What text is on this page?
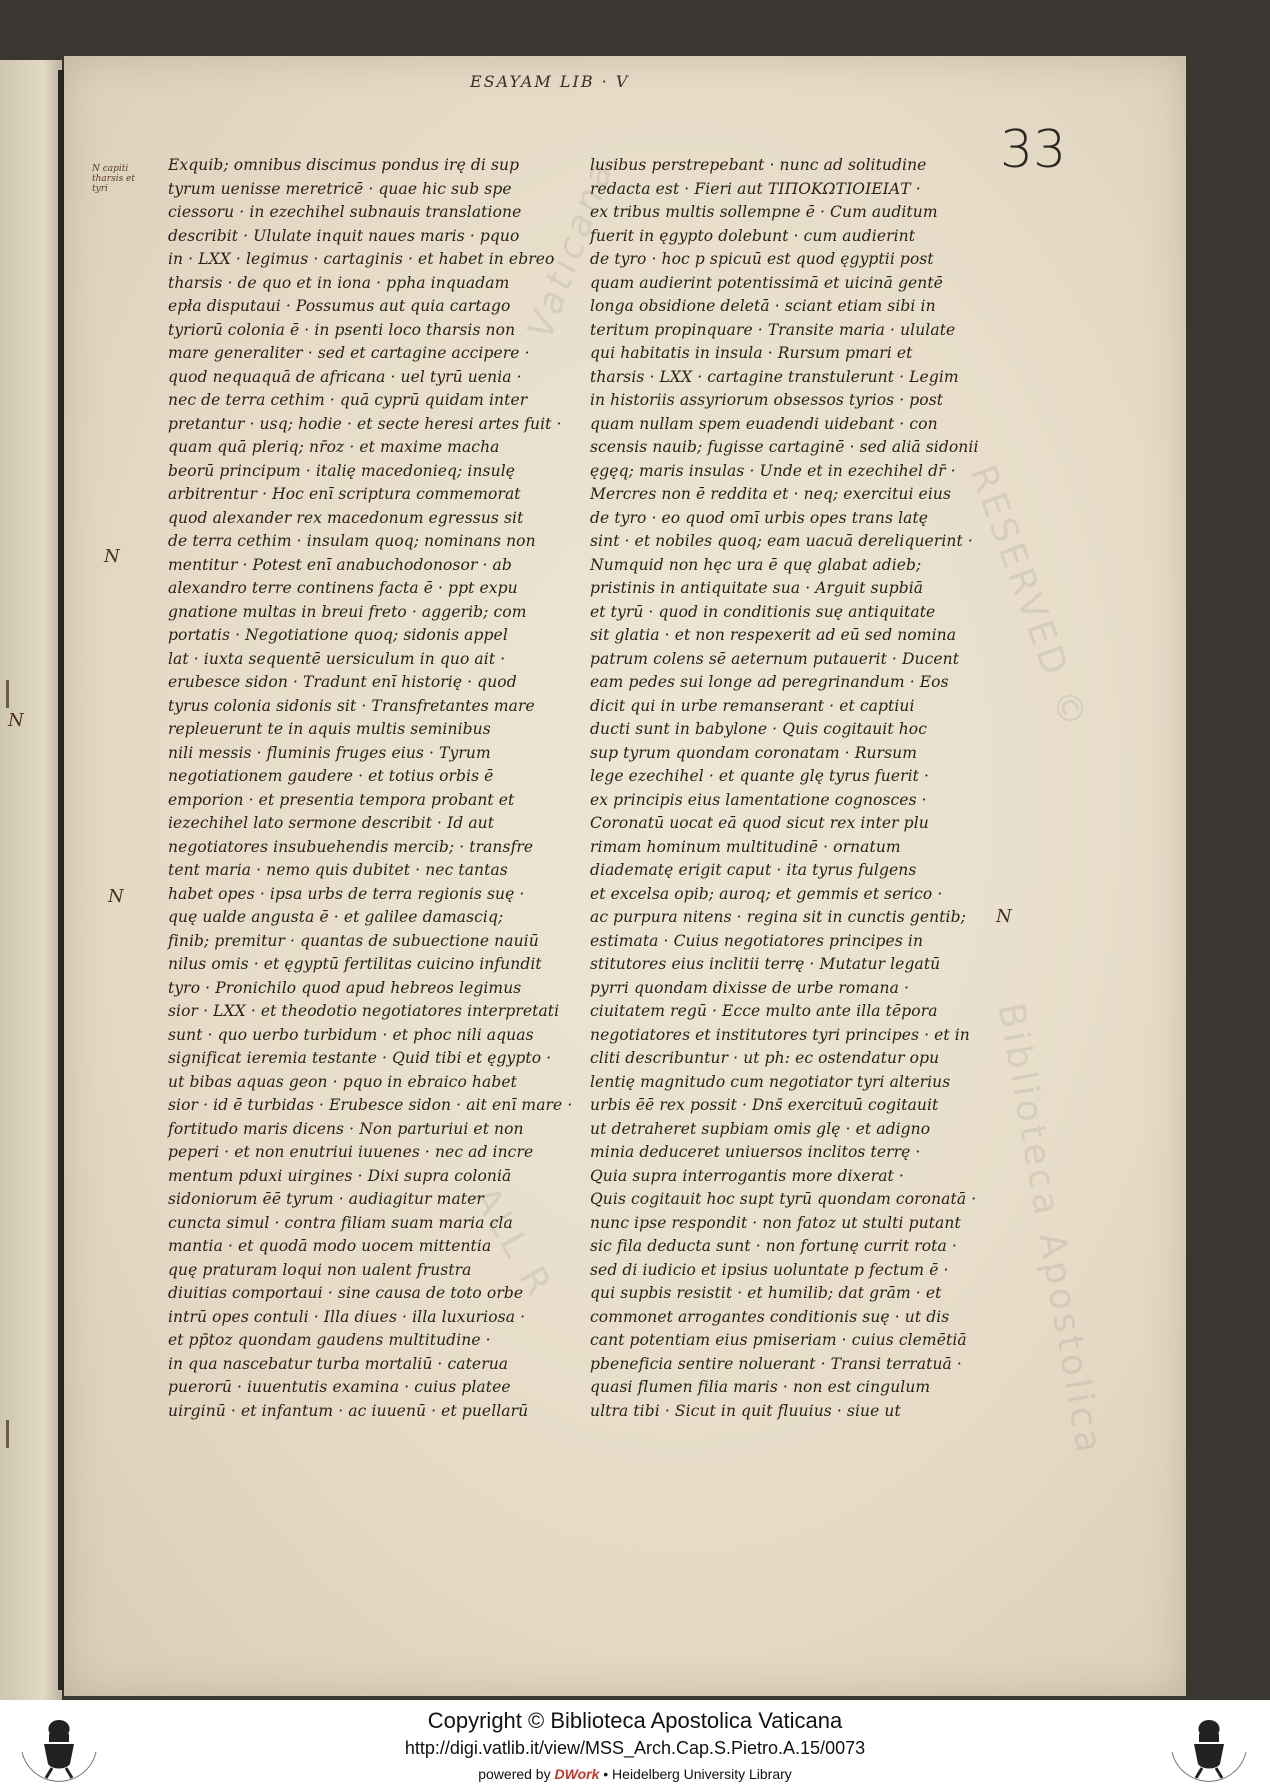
ESAYAM LIB · V
33
N capiti tharsis et tyri
N
N
N
N
Biblioteca Apostolica
RESERVED ©
Vaticana
ALL R
Exquib; omnibus discimus pondus irę di sup
tyrum uenisse meretricē · quae hic sub spe
ciessoru · in ezechihel subnauis translatione
describit · Ululate inquit naues maris · pquo
in · LXX · legimus · cartaginis · et habet in ebreo
tharsis · de quo et in iona · ppha inquadam
epła disputaui · Possumus aut quia cartago
tyriorū colonia ē · in psenti loco tharsis non
mare generaliter · sed et cartagine accipere ·
quod nequaquā de africana · uel tyrū uenia ·
nec de terra cethim · quā cyprū quidam inter
pretantur · usq; hodie · et secte heresi artes fuit ·
quam quā pleriq; nr̄oz · et maxime macha
beorū principum · italię macedonieq; insulę
arbitrentur · Hoc enī scriptura commemorat
quod alexander rex macedonum egressus sit
de terra cethim · insulam quoq; nominans non
mentitur · Potest enī anabuchodonosor · ab
alexandro terre continens facta ē · ppt expu
gnatione multas in breui freto · aggerib; com
portatis · Negotiatione quoq; sidonis appel
lat · iuxta sequentē uersiculum in quo ait ·
erubesce sidon · Tradunt enī historię · quod
tyrus colonia sidonis sit · Transfretantes mare
repleuerunt te in aquis multis seminibus
nili messis · fluminis fruges eius · Tyrum
negotiationem gaudere · et totius orbis ē
emporion · et presentia tempora probant et
iezechihel lato sermone describit · Id aut
negotiatores insubuehendis mercib; · transfre
tent maria · nemo quis dubitet · nec tantas
habet opes · ipsa urbs de terra regionis suę ·
quę ualde angusta ē · et galilee damasciq;
finib; premitur · quantas de subuectione nauiū
nilus omis · et ęgyptū fertilitas cuicino infundit
tyro · Pronichilo quod apud hebreos legimus
sior · LXX · et theodotio negotiatores interpretati
sunt · quo uerbo turbidum · et phoc nili aquas
significat ieremia testante · Quid tibi et ęgypto ·
ut bibas aquas geon · pquo in ebraico habet
sior · id ē turbidas · Erubesce sidon · ait enī mare ·
fortitudo maris dicens · Non parturiui et non
peperi · et non enutriui iuuenes · nec ad incre
mentum pduxi uirgines · Dixi supra coloniā
sidoniorum ēē tyrum · audiagitur mater
cuncta simul · contra filiam suam maria cla
mantia · et quodā modo uocem mittentia
quę praturam loqui non ualent frustra
diuitias comportaui · sine causa de toto orbe
intrū opes contuli · Illa diues · illa luxuriosa ·
et pp̄toz quondam gaudens multitudine ·
in qua nascebatur turba mortaliū · caterua
puerorū · iuuentutis examina · cuius platee
uirginū · et infantum · ac iuuenū · et puellarū
lusibus perstrepebant · nunc ad solitudine
redacta est · Fieri aut ΤΙΠΟΚΩΤΙΟΙΕΙΑΤ ·
ex tribus multis sollempne ē · Cum auditum
fuerit in ęgypto dolebunt · cum audierint
de tyro · hoc p spicuū est quod ęgyptii post
quam audierint potentissimā et uicinā gentē
longa obsidione deletā · sciant etiam sibi in
teritum propinquare · Transite maria · ululate
qui habitatis in insula · Rursum pmari et
tharsis · LXX · cartagine transtulerunt · Legim
in historiis assyriorum obsessos tyrios · post
quam nullam spem euadendi uidebant · con
scensis nauib; fugisse cartaginē · sed aliā sidonii
ęgęq; maris insulas · Unde et in ezechihel dr̄ ·
Mercres non ē reddita et · neq; exercitui eius
de tyro · eo quod omī urbis opes trans latę
sint · et nobiles quoq; eam uacuā dereliquerint ·
Numquid non hęc ura ē quę glabat adieb;
pristinis in antiquitate sua · Arguit supbiā
et tyrū · quod in conditionis suę antiquitate
sit glatia · et non respexerit ad eū sed nomina
patrum colens sē aeternum putauerit · Ducent
eam pedes sui longe ad peregrinandum · Eos
dicit qui in urbe remanserant · et captiui
ducti sunt in babylone · Quis cogitauit hoc
sup tyrum quondam coronatam · Rursum
lege ezechihel · et quante glę tyrus fuerit ·
ex principis eius lamentatione cognosces ·
Coronatū uocat eā quod sicut rex inter plu
rimam hominum multitudinē · ornatum
diadematę erigit caput · ita tyrus fulgens
et excelsa opib; auroq; et gemmis et serico ·
ac purpura nitens · regina sit in cunctis gentib;
estimata · Cuius negotiatores principes in
stitutores eius inclitii terrę · Mutatur legatū
pyrri quondam dixisse de urbe romana ·
ciuitatem regū · Ecce multo ante illa tēpora
negotiatores et institutores tyri principes · et in
cliti describuntur · ut ph: ec ostendatur opu
lentię magnitudo cum negotiator tyri alterius
urbis ēē rex possit · Dns̄ exercituū cogitauit
ut detraheret supbiam omis glę · et adigno
minia deduceret uniuersos inclitos terrę ·
Quia supra interrogantis more dixerat ·
Quis cogitauit hoc supt tyrū quondam coronatā ·
nunc ipse respondit · non fatoz ut stulti putant
sic fila deducta sunt · non fortunę currit rota ·
sed di iudicio et ipsius uoluntate p fectum ē ·
qui supbis resistit · et humilib; dat grām · et
commonet arrogantes conditionis suę · ut dis
cant potentiam eius pmiseriam · cuius clemētiā
pbeneficia sentire noluerant · Transi terratuā ·
quasi flumen filia maris · non est cingulum
ultra tibi · Sicut in quit fluuius · siue ut
Copyright © Biblioteca Apostolica Vaticana
http://digi.vatlib.it/view/MSS_Arch.Cap.S.Pietro.A.15/0073
powered by DWork • Heidelberg University Library
